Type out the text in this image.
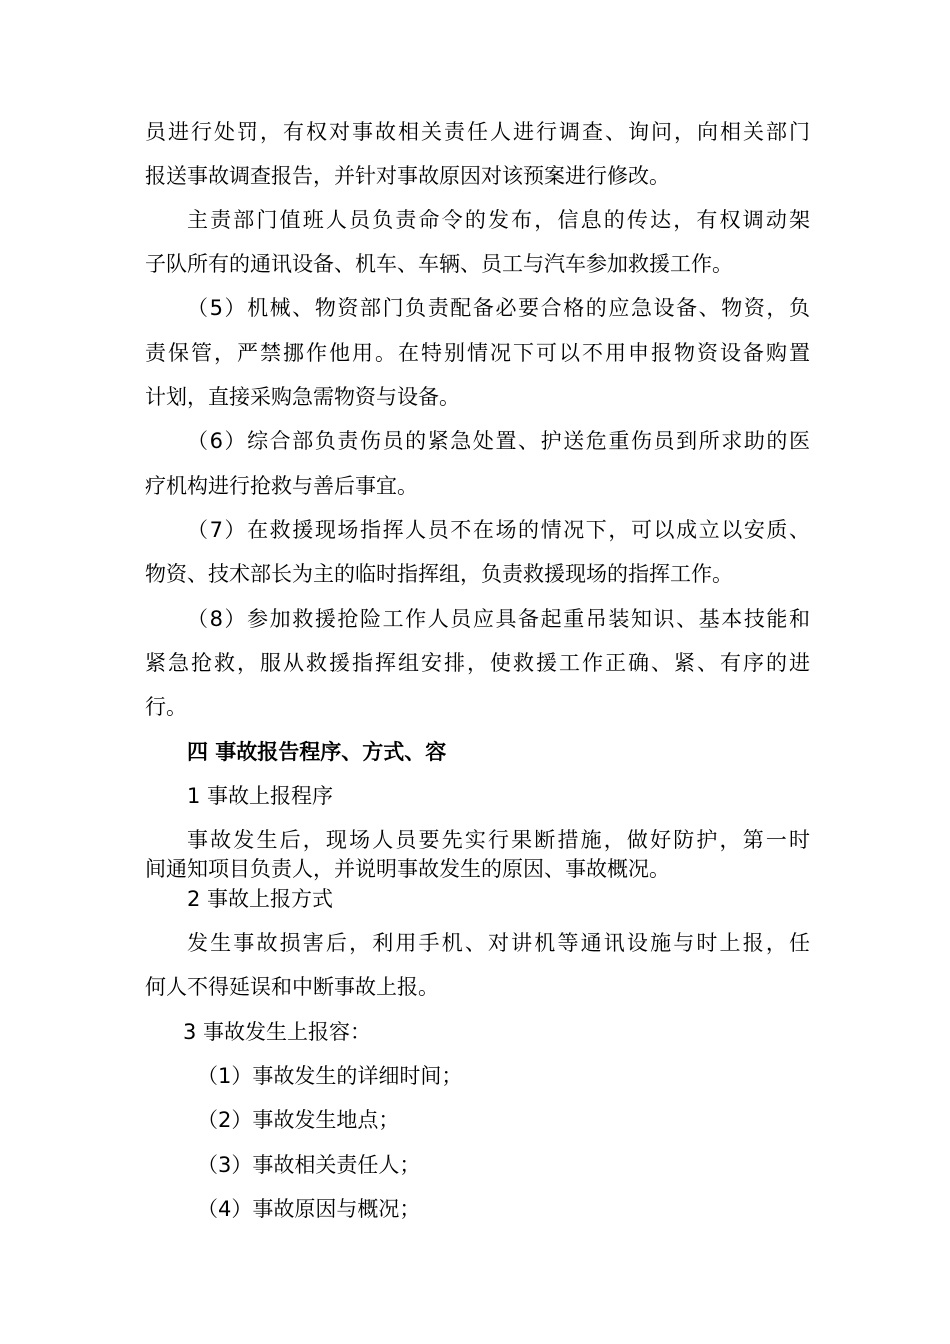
员进行处罚，有权对事故相关责任人进行调查、询问，向相关部门
报送事故调查报告，并针对事故原因对该预案进行修改。
主责部门值班人员负责命令的发布，信息的传达，有权调动架
子队所有的通讯设备、机车、车辆、员工与汽车参加救援工作。
（5）机械、物资部门负责配备必要合格的应急设备、物资，负
责保管，严禁挪作他用。在特别情况下可以不用申报物资设备购置
计划，直接采购急需物资与设备。
（6）综合部负责伤员的紧急处置、护送危重伤员到所求助的医
疗机构进行抢救与善后事宜。
（7）在救援现场指挥人员不在场的情况下，可以成立以安质、
物资、技术部长为主的临时指挥组，负责救援现场的指挥工作。
（8）参加救援抢险工作人员应具备起重吊装知识、基本技能和
紧急抢救，服从救援指挥组安排，使救援工作正确、紧、有序的进
行。
四 事故报告程序、方式、容
1 事故上报程序
事故发生后，现场人员要先实行果断措施，做好防护，第一时
间通知项目负责人，并说明事故发生的原因、事故概况。
2 事故上报方式
发生事故损害后，利用手机、对讲机等通讯设施与时上报，任
何人不得延误和中断事故上报。
3 事故发生上报容：
（1）事故发生的详细时间；
（2）事故发生地点；
（3）事故相关责任人；
（4）事故原因与概况；
